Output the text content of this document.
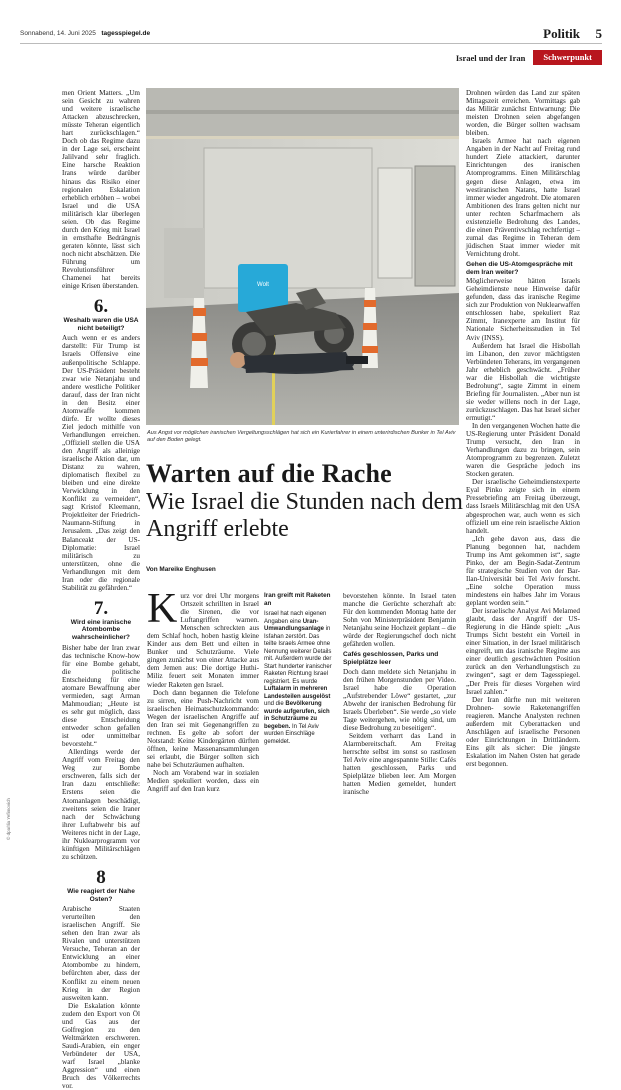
Sonnabend, 14. Juni 2025 tagesspiegel.de	Politik 5
Israel und der Iran	Schwerpunkt

men Orient Matters. „Um sein Gesicht zu wahren und weitere israelische Attacken abzuschrecken, müsste Teheran eigentlich hart zurückschlagen.“ Doch ob das Regime dazu in der Lage sei, erscheint Jalilvand sehr fraglich. Eine harsche Reaktion Irans würde darüber hinaus das Risiko einer regionalen Eskalation erheblich erhöhen – wobei Israel und die USA militärisch klar überlegen seien. Ob das Regime durch den Krieg mit Israel in ernsthafte Bedrängnis geraten könnte, lässt sich noch nicht abschätzen. Die Führung um Revolutionsführer Chamenei hat bereits einige Krisen überstanden.

6.
Weshalb waren die USA nicht beteiligt?

Auch wenn er es anders darstellt: Für Trump ist Israels Offensive eine außenpolitische Schlappe. Der US-Präsident besteht zwar wie Netanjahu und andere westliche Politiker darauf, dass der Iran nicht in den Besitz einer Atomwaffe kommen dürfe. Er wollte dieses Ziel jedoch mithilfe von Verhandlungen erreichen. „Offiziell stellen die USA den Angriff als alleinige israelische Aktion dar, um Distanz zu wahren, diplomatisch flexibel zu bleiben und eine direkte Verwicklung in den Konflikt zu vermeiden“, sagt Kristof Kleemann, Projektleiter der Friedrich-Naumann-Stiftung in Jerusalem. „Das zeigt den Balanceakt der US-Diplomatie: Israel militärisch zu unterstützen, ohne die Verhandlungen mit dem Iran oder die regionale Stabilität zu gefährden.“

7.
Wird eine iranische Atombombe wahrscheinlicher?

Bisher habe der Iran zwar das technische Know-how für eine Bombe gehabt, die politische Entscheidung für eine atomare Bewaffnung aber vermieden, sagt Arman Mahmoudian; „Heute ist es sehr gut möglich, dass diese Entscheidung entweder schon gefallen ist oder unmittelbar bevorsteht.“

Allerdings werde der Angriff vom Freitag den Weg zur Bombe erschweren, falls sich der Iran dazu entschließe: Erstens seien die Atomanlagen beschädigt, zweitens seien die Iraner nach der Schwächung ihrer Luftabwehr bis auf Weiteres nicht in der Lage, ihr Nuklearprogramm vor künftigen Militärschlägen zu schützen.

8
Wie reagiert der Nahe Osten?

Arabische Staaten verurteilten den israelischen Angriff. Sie sehen den Iran zwar als Rivalen und unterstützen Versuche, Teheran an der Entwicklung an einer Atombombe zu hindern, befürchten aber, dass der Konflikt zu einem neuen Krieg in der Region ausweiten kann.

Die Eskalation könnte zudem den Export von Öl und Gas aus der Golfregion zu den Weltmärkten erschweren. Saudi-Arabien, ein enger Verbündeter der USA, warf Israel „blanke Aggression“ und einen Bruch des Völkerrechts vor.

Wolt
Aus Angst vor möglichen iranischen Vergeltungsschlägen hat sich ein Kurierfahrer in einem unterirdischen Bunker in Tel Aviv auf den Boden gelegt.
Warten auf die Rache
Wie Israel die Stunden nach dem Angriff erlebte
Von Mareike Enghusen
K urz vor drei Uhr morgens Ortszeit schrillten in Israel die Sirenen, die vor Luftangriffen warnen. Menschen schreckten aus dem Schlaf hoch, hoben hastig kleine Kinder aus dem Bett und eilten in Bunker und Schutzräume. Viele gingen zunächst von einer Attacke aus dem Jemen aus: Die dortige Huthi-Miliz feuert seit Monaten immer wieder Raketen gen Israel.

Doch dann begannen die Telefone zu sirren, eine Push-Nachricht vom israelischen Heimatschutzkommando: Wegen der israelischen Angriffe auf den Iran sei mit Gegenangriffen zu rechnen. Es gelte ab sofort der Notstand: Keine Kindergärten dürften öffnen, keine Massenansammlungen sei erlaubt, die Bürger sollten sich nahe bei Schutzräumen aufhalten.

Noch am Vorabend war in sozialen Medien spekuliert worden, dass ein Angriff auf den Iran kurz

Iran greift mit Raketen an
Israel hat nach eigenen Angaben eine Uran-Umwandlungsanlage in Isfahan zerstört. Das teilte Israels Armee ohne Nennung weiterer Details mit. Außerdem wurde der Start hunderter iranischer Raketen Richtung Israel registriert. Es wurde Luftalarm in mehreren Landesteilen ausgelöst und die Bevölkerung wurde aufgerufen, sich in Schutzräume zu begeben. In Tel Aviv wurden Einschläge gemeldet.

bevorstehen könnte. In Israel taten manche die Gerüchte scherzhaft ab: Für den kommenden Montag hatte der Sohn von Ministerpräsident Benjamin Netanjahu seine Hochzeit geplant – die würde der Regierungschef doch nicht gefährden wollen.

Cafés geschlossen, Parks und Spielplätze leer

Doch dann meldete sich Netanjahu in den frühen Morgenstunden per Video. Israel habe die Operation „Aufstrebender Löwe“ gestartet, „zur Abwehr der iranischen Bedrohung für Israels Überleben“. Sie werde „so viele Tage weitergehen, wie nötig sind, um diese Bedrohung zu beseitigen“.

Seitdem verharrt das Land in Alarmbereitschaft. Am Freitag herrschte selbst im sonst so rastlosen Tel Aviv eine angespannte Stille: Cafés hatten geschlossen, Parks und Spielplätze blieben leer. Am Morgen hatten Medien gemeldet, hundert iranische

Drohnen würden das Land zur späten Mittagszeit erreichen. Vormittags gab das Militär zunächst Entwarnung: Die meisten Drohnen seien abgefangen worden, die Bürger sollten wachsam bleiben.

Israels Armee hat nach eigenen Angaben in der Nacht auf Freitag rund hundert Ziele attackiert, darunter Einrichtungen des iranischen Atomprogramms. Einen Militärschlag gegen diese Anlagen, etwa im westiranischen Natans, hatte Israel immer wieder angedroht. Die atomaren Ambitionen des Irans gelten nicht nur unter rechten Scharfmachern als existenzielle Bedrohung des Landes, die einen Präventivschlag rechtfertigt – zumal das Regime in Teheran dem jüdischen Staat immer wieder mit Vernichtung droht.

Gehen die US-Atomgespräche mit dem Iran weiter?

Möglicherweise hätten Israels Geheimdienste neue Hinweise dafür gefunden, dass das iranische Regime sich zur Produktion von Nuklearwaffen entschlossen habe, spekuliert Raz Zimmt, Iranexperte am Institut für Nationale Sicherheitsstudien in Tel Aviv (INSS).

Außerdem hat Israel die Hisbollah im Libanon, den zuvor mächtigsten Verbündeten Teherans, im vergangenen Jahr erheblich geschwächt. „Früher war die Hisbollah die wichtigste Bedrohung“, sagte Zimmt in einem Briefing für Journalisten. „Aber nun ist sie weder willens noch in der Lage, zurückzuschlagen. Das hat Israel sicher ermutigt.“

In den vergangenen Wochen hatte die US-Regierung unter Präsident Donald Trump versucht, den Iran in Verhandlungen dazu zu bringen, sein Atomprogramm zu begrenzen. Zuletzt waren die Gespräche jedoch ins Stocken geraten.

Der israelische Geheimdienstexperte Eyal Pinko zeigte sich in einem Pressebriefing am Freitag überzeugt, dass Israels Militärschlag mit den USA abgesprochen war, auch wenn es sich offiziell um eine rein israelische Aktion handelt.

„Ich gehe davon aus, dass die Planung begonnen hat, nachdem Trump ins Amt gekommen ist“, sagte Pinko, der am Begin-Sadat-Zentrum für strategische Studien von der Bar-Ilan-Universität bei Tel Aviv forscht. „Eine solche Operation muss mindestens ein halbes Jahr im Voraus geplant worden sein.“

Der israelische Analyst Avi Melamed glaubt, dass der Angriff der US-Regierung in die Hände spielt: „Aus Trumps Sicht besteht ein Vorteil in einer Situation, in der Israel militärisch eingreift, um das iranische Regime aus einer deutlich geschwächten Position zurück an den Verhandlungstisch zu zwingen“, sagt er dem Tagesspiegel. „Der Preis für dieses Vorgehen wird Israel zahlen.“

Der Iran dürfte nun mit weiteren Drohnen- sowie Raketenangriffen reagieren. Manche Analysten rechnen außerdem mit Cyberattacken und Anschlägen auf israelische Personen oder Einrichtungen in Drittländern. Eins gilt als sicher: Die jüngste Eskalation im Nahen Osten hat gerade erst begonnen.

© dpa/Ilia Yefimovich
